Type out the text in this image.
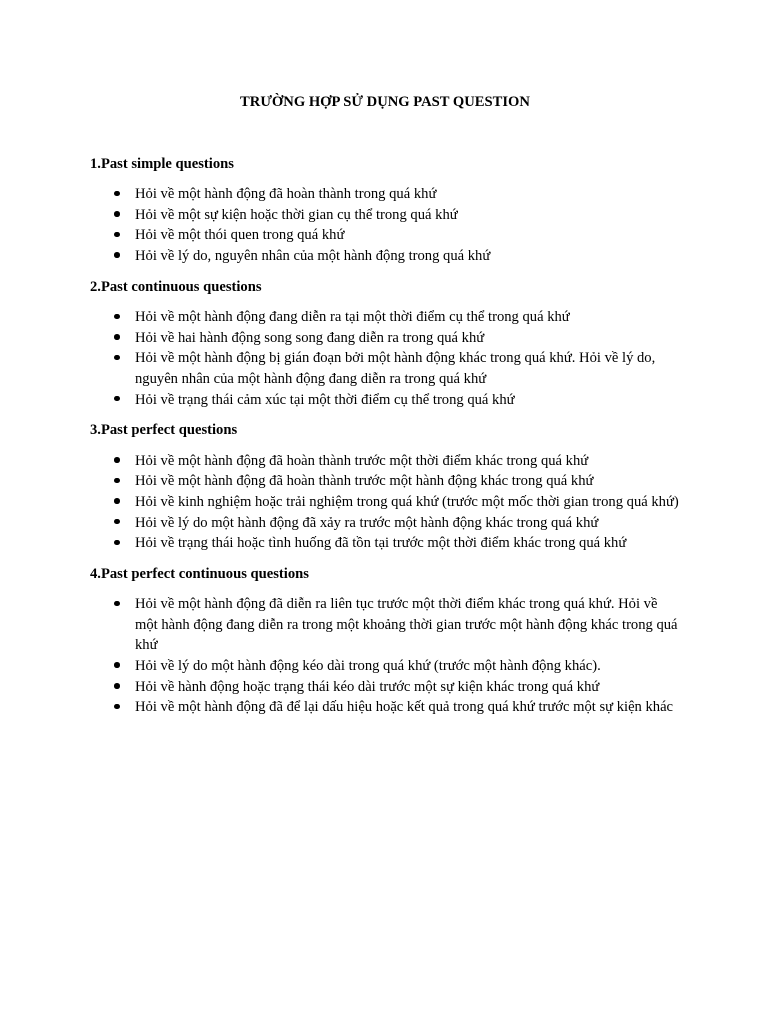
TRƯỜNG HỢP SỬ DỤNG PAST QUESTION
1.Past simple questions
Hỏi về một hành động đã hoàn thành trong quá khứ
Hỏi về một sự kiện hoặc thời gian cụ thể trong quá khứ
Hỏi về một thói quen trong quá khứ
Hỏi về lý do, nguyên nhân của một hành động trong quá khứ
2.Past continuous questions
Hỏi về một hành động đang diễn ra tại một thời điểm cụ thể trong quá khứ
Hỏi về hai hành động song song đang diễn ra trong quá khứ
Hỏi về một hành động bị gián đoạn bởi một hành động khác trong quá khứ. Hỏi về lý do, nguyên nhân của một hành động đang diễn ra trong quá khứ
Hỏi về trạng thái cảm xúc tại một thời điểm cụ thể trong quá khứ
3.Past perfect questions
Hỏi về một hành động đã hoàn thành trước một thời điểm khác trong quá khứ
Hỏi về một hành động đã hoàn thành trước một hành động khác trong quá khứ
Hỏi về kinh nghiệm hoặc trải nghiệm trong quá khứ (trước một mốc thời gian trong quá khứ)
Hỏi về lý do một hành động đã xảy ra trước một hành động khác trong quá khứ
Hỏi về trạng thái hoặc tình huống đã tồn tại trước một thời điểm khác trong quá khứ
4.Past perfect continuous questions
Hỏi về một hành động đã diễn ra liên tục trước một thời điểm khác trong quá khứ. Hỏi về một hành động đang diễn ra trong một khoảng thời gian trước một hành động khác trong quá khứ
Hỏi về lý do một hành động kéo dài trong quá khứ (trước một hành động khác).
Hỏi về hành động hoặc trạng thái kéo dài trước một sự kiện khác trong quá khứ
Hỏi về một hành động đã để lại dấu hiệu hoặc kết quả trong quá khứ trước một sự kiện khác
